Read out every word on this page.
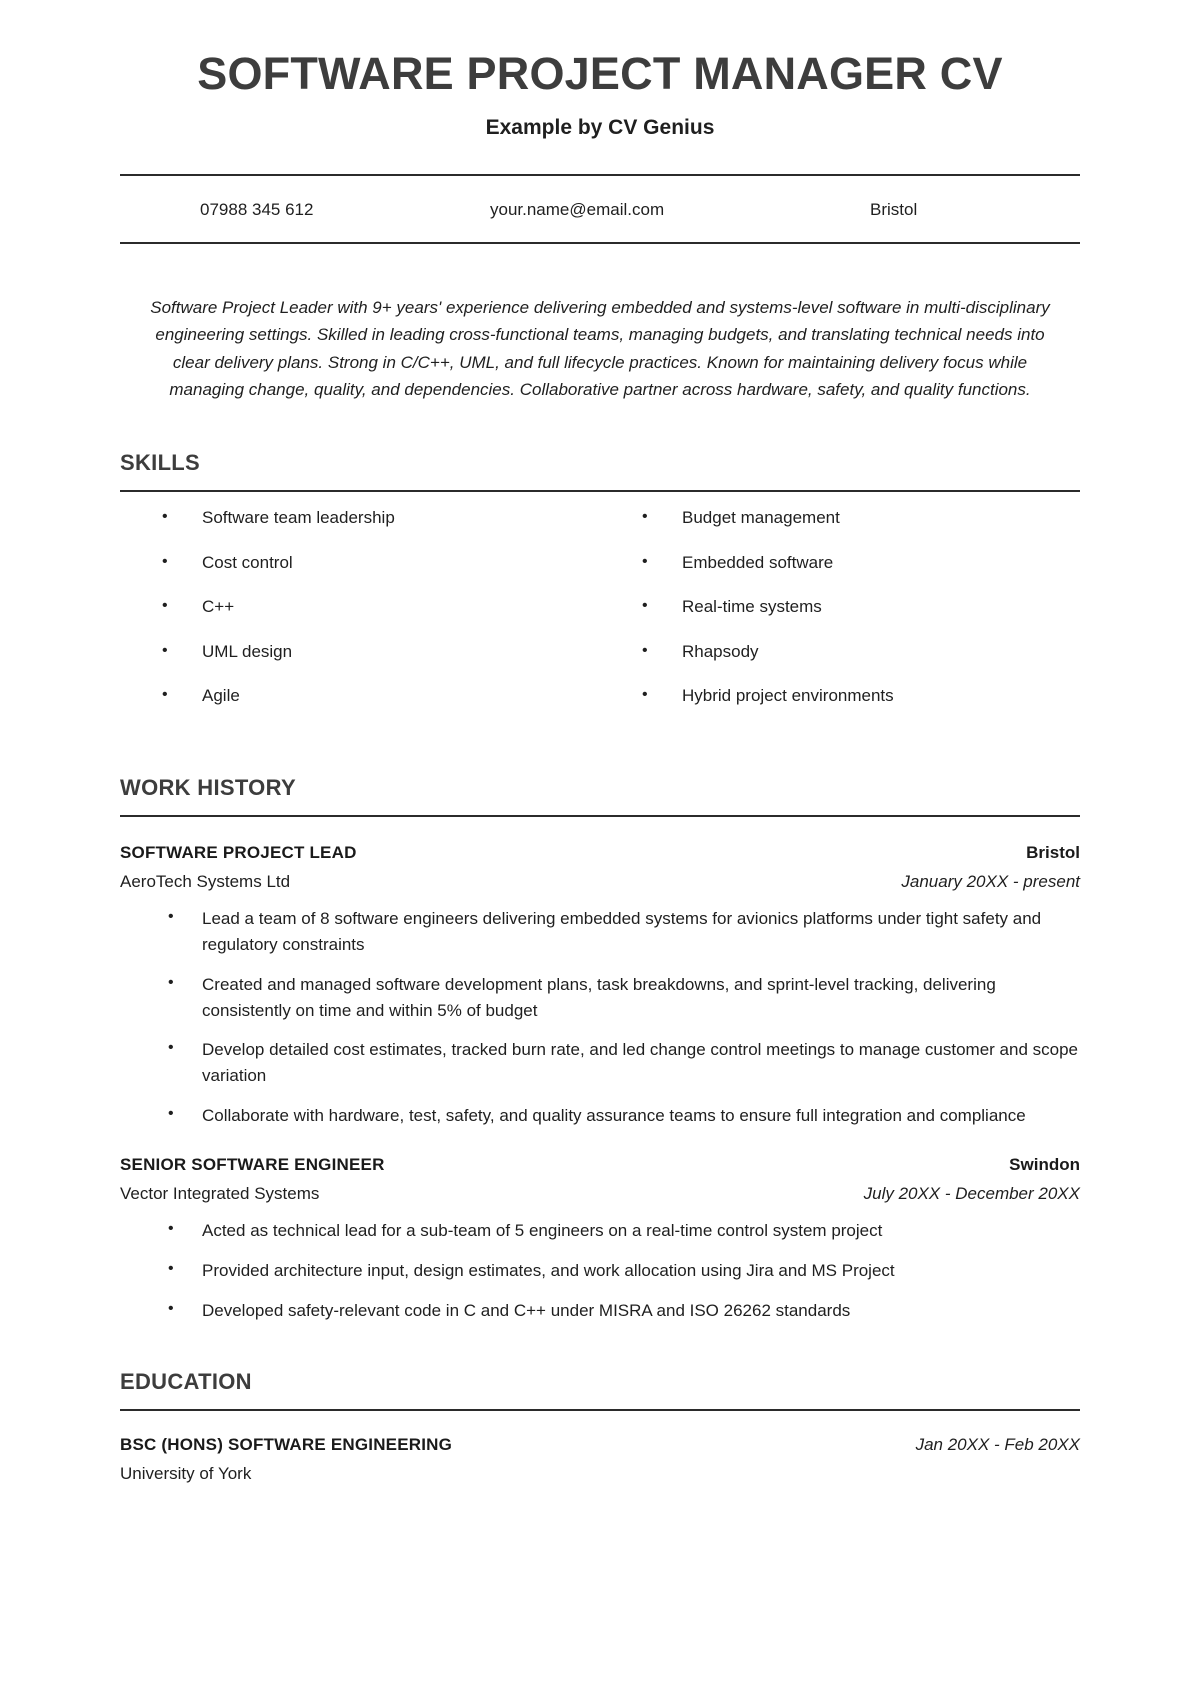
SOFTWARE PROJECT MANAGER CV
Example by CV Genius
07988 345 612	your.name@email.com	Bristol

Software Project Leader with 9+ years' experience delivering embedded and systems-level software in multi-disciplinary engineering settings. Skilled in leading cross-functional teams, managing budgets, and translating technical needs into clear delivery plans. Strong in C/C++, UML, and full lifecycle practices. Known for maintaining delivery focus while managing change, quality, and dependencies. Collaborative partner across hardware, safety, and quality functions.

SKILLS
• Software team leadership
• Cost control
• C++
• UML design
• Agile
• Budget management
• Embedded software
• Real-time systems
• Rhapsody
• Hybrid project environments
WORK HISTORY
SOFTWARE PROJECT LEAD	Bristol
AeroTech Systems Ltd	January 20XX - present
• Lead a team of 8 software engineers delivering embedded systems for avionics platforms under tight safety and regulatory constraints
• Created and managed software development plans, task breakdowns, and sprint-level tracking, delivering consistently on time and within 5% of budget
• Develop detailed cost estimates, tracked burn rate, and led change control meetings to manage customer and scope variation
• Collaborate with hardware, test, safety, and quality assurance teams to ensure full integration and compliance
SENIOR SOFTWARE ENGINEER	Swindon
Vector Integrated Systems	July 20XX - December 20XX
• Acted as technical lead for a sub-team of 5 engineers on a real-time control system project
• Provided architecture input, design estimates, and work allocation using Jira and MS Project
• Developed safety-relevant code in C and C++ under MISRA and ISO 26262 standards
EDUCATION
BSC (HONS) SOFTWARE ENGINEERING	Jan 20XX - Feb 20XX
University of York
